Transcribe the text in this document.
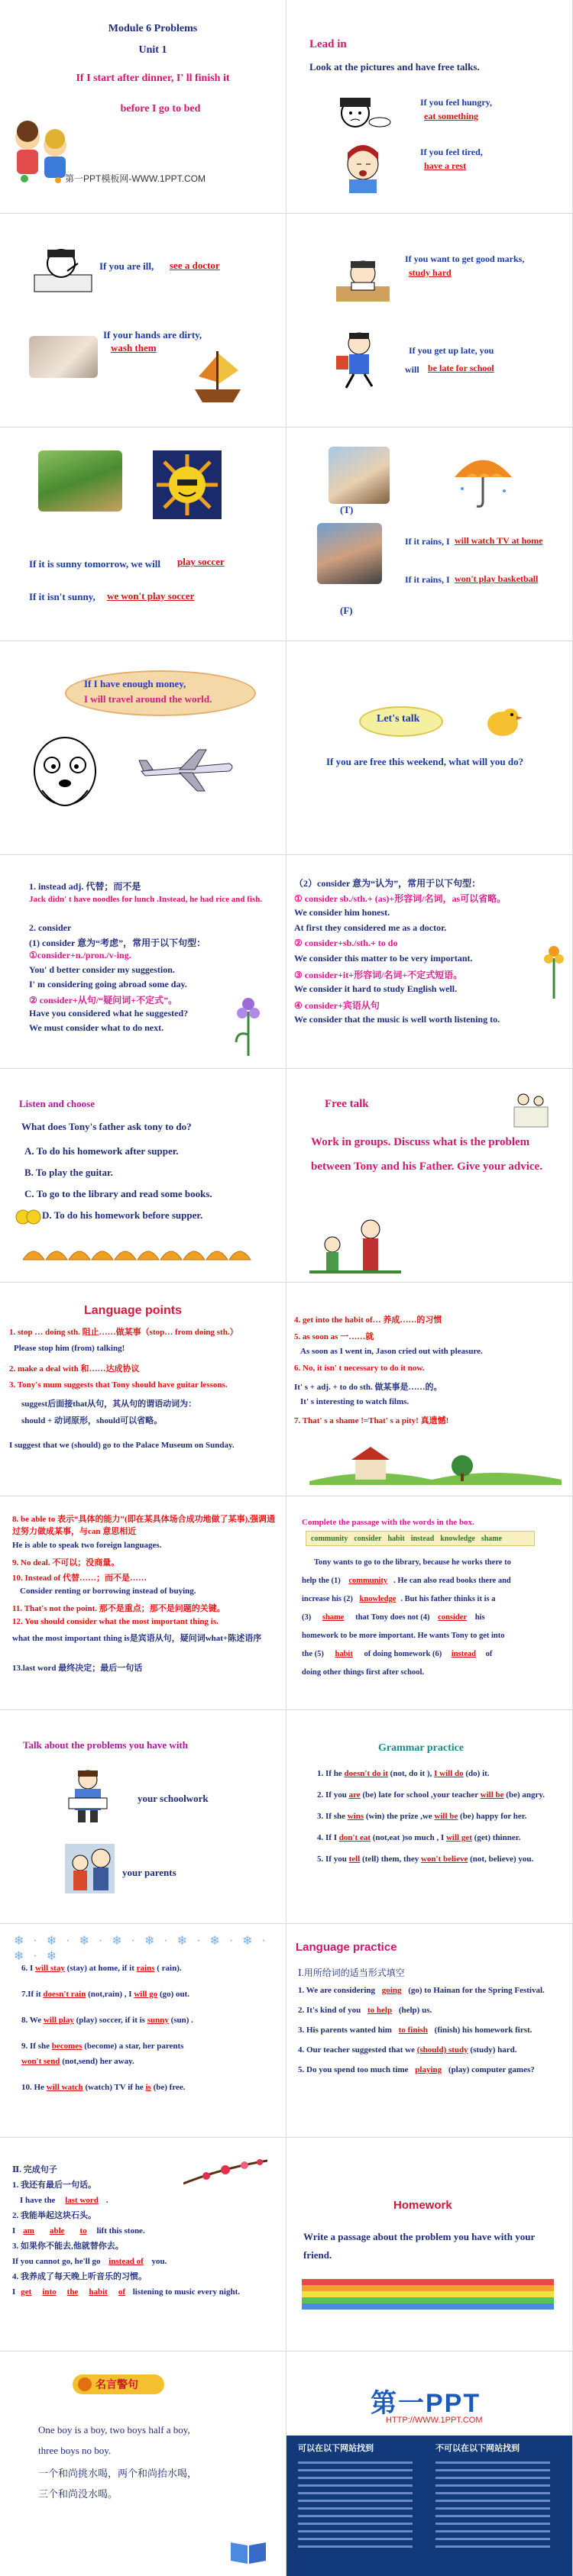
Module 6 Problems
Unit 1
If I start after dinner, I' ll finish it
before I go to bed
第一PPT模板网-WWW.1PPT.COM
Lead in
Look at the pictures and have free talks.
If you feel hungry,
eat something
If you feel tired,
have a rest
If you are ill, see a doctor
If your hands are dirty,
wash them
If you want to get good marks,
study hard
If you get up late, you
will be late for school
If it is sunny tomorrow, we will play soccer
If it isn't sunny, we won't play soccer
(T)
(F)
If it rains, I will watch TV at home
If it rains, I won't play basketball
If I have enough money,
I will travel around the world.
Let's talk
If you are free this weekend, what will you do?
1. instead adj. 代替；而不是
Jack didn' t have noodles for lunch .Instead, he had rice and fish.
2. consider
(1) consider 意为“考虑”，常用于以下句型：
①consider+n./pron./v-ing.
You' d better consider my suggestion.
I' m considering going abroad some day.
② consider+从句/“疑问词+不定式”。
Have you considered what he suggested?
We must consider what to do next.
（2）consider 意为“认为”，常用于以下句型：
① consider sb./sth.+ (as)+形容词/名词，as可以省略。
We consider him honest.
At first they considered me as a doctor.
② consider+sb./sth.+ to do
We consider this matter to be very important.
③ consider+it+形容词/名词+不定式短语。
We consider it hard to study English well.
④ consider+宾语从句
We consider that the music is well worth listening to.
Listen and choose
What does Tony's father ask tony to do?
A. To do his homework after supper.
B. To play the guitar.
C. To go to the library and read some books.
D. To do his homework before supper.
Free talk
Work in groups. Discuss what is the problem between Tony and his Father. Give your advice.
Language points
1. stop … doing sth. 阻止……做某事（stop… from doing sth.）
Please stop him (from) talking!
2. make a deal with 和……达成协议
3. Tony's mum suggests that Tony should have guitar lessons.
suggest后面接that从句，其从句的谓语动词为：
should + 动词原形，should可以省略。
I suggest that we (should) go to the Palace Museum on Sunday.
4. get into the habit of… 养成……的习惯
5. as soon as 一……就
As soon as I went in, Jason cried out with pleasure.
6. No, it isn' t necessary to do it now.
It' s + adj. + to do sth. 做某事是……的。
It' s interesting to watch films.
7. That' s a shame !=That' s a pity! 真遗憾!
8. be able to 表示“具体的能力”(即在某具体场合成功地做了某事),强调通过努力做成某事，与can 意思相近
He is able to speak two foreign languages.
9. No deal. 不可以；没商量。
10. Instead of 代替……；而不是……
Consider renting or borrowing instead of buying.
11. That's not the point. 那不是重点；那不是问题的关键。
12. You should consider what the most important thing is.
what the most important thing is是宾语从句，疑问词what+陈述语序
13.last word 最终决定；最后一句话
Complete the passage with the words in the box.
community consider habit instead knowledge shame
Tony wants to go to the library, because he works there to
help the (1) community . He can also read books there and
increase his (2) knowledge . But his father thinks it is a
(3) shame that Tony does not (4) consider his
homework to be more important. He wants Tony to get into
the (5) habit of doing homework (6) instead of
doing other things first after school.
Talk about the problems you have with
your schoolwork
your parents
Grammar practice
1. If he doesn't do it (not, do it ), I will do (do) it.
2. If you are (be) late for school ,your teacher will be (be) angry.
3. If she wins (win) the prize ,we will be (be) happy for her.
4. If I don't eat (not,eat )so much , I will get (get) thinner.
5. If you tell (tell) them, they won't believe (not, believe) you.
❄ · ❄ · ❄ · ❄ · ❄ · ❄ · ❄ · ❄ · ❄ · ❄
6. I will stay (stay) at home, if it rains ( rain).
7.If it doesn't rain (not,rain) , I will go (go) out.
8. We will play (play) soccer, if it is sunny (sun) .
9. If she becomes (become) a star, her parents
won't send (not,send) her away.
10. He will watch (watch) TV if he is (be) free.
Language practice
Ⅰ.用所给词的适当形式填空
1. We are considering going (go) to Hainan for the Spring Festival.
2. It's kind of you to help (help) us.
3. His parents wanted him to finish (finish) his homework first.
4. Our teacher suggested that we (should) study (study) hard.
5. Do you spend too much time playing (play) computer games?
Ⅱ. 完成句子
1. 我还有最后一句话。
I have the last word .
2. 我能举起这块石头。
I am able to lift this stone.
3. 如果你不能去,他就替你去。
If you cannot go, he'll go instead of you.
4. 我养成了每天晚上听音乐的习惯。
I get into the habit of listening to music every night.
Homework
Write a passage about the problem you have with your friend.
名言警句
One boy is a boy, two boys half a boy,
three boys no boy.
一个和尚挑水喝，两个和尚抬水喝，
三个和尚没水喝。
第一PPT
HTTP://WWW.1PPT.COM
可以在以下网站找到	不可以在以下网站找到
